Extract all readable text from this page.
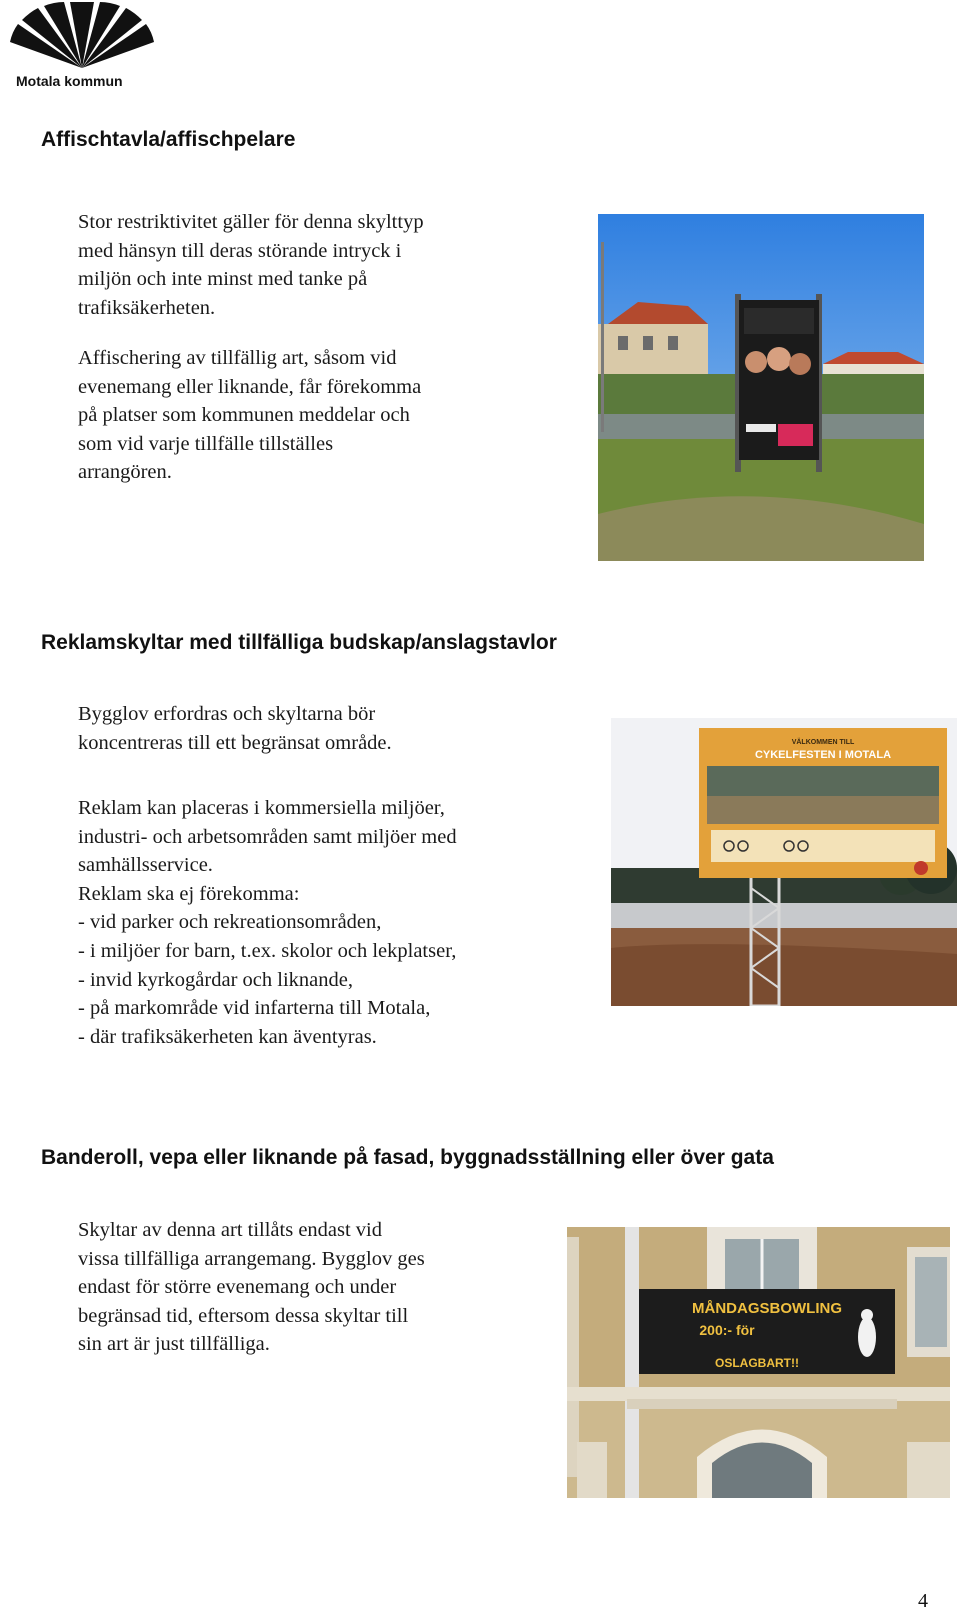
Motala kommun
Affischtavla/affischpelare
Stor restriktivitet gäller för denna skylttyp
med hänsyn till deras störande intryck i
miljön och inte minst med tanke på
trafiksäkerheten.
Affischering av tillfällig art, såsom vid
evenemang eller liknande, får förekomma
på platser som kommunen meddelar och
som vid varje tillfälle tillställes
arrangören.
Reklamskyltar med tillfälliga budskap/anslagstavlor
Bygglov erfordras och skyltarna bör
koncentreras till ett begränsat område.
Reklam kan placeras i kommersiella miljöer,
industri- och arbetsområden samt miljöer med
samhällsservice.
Reklam ska ej förekomma:
- vid parker och rekreationsområden,
- i miljöer for barn, t.ex. skolor och lekplatser,
- invid kyrkogårdar och liknande,
- på markområde vid infarterna till Motala,
- där trafiksäkerheten kan äventyras.
VÄLKOMMEN TILL
CYKELFESTEN I MOTALA
Banderoll, vepa eller liknande på fasad, byggnadsställning eller över gata
Skyltar av denna art tillåts endast vid
vissa tillfälliga arrangemang. Bygglov ges
endast för större evenemang och under
begränsad tid, eftersom dessa skyltar till
sin art är just tillfälliga.
MÅNDAGSBOWLING
200:- för
OSLAGBART!!
4
